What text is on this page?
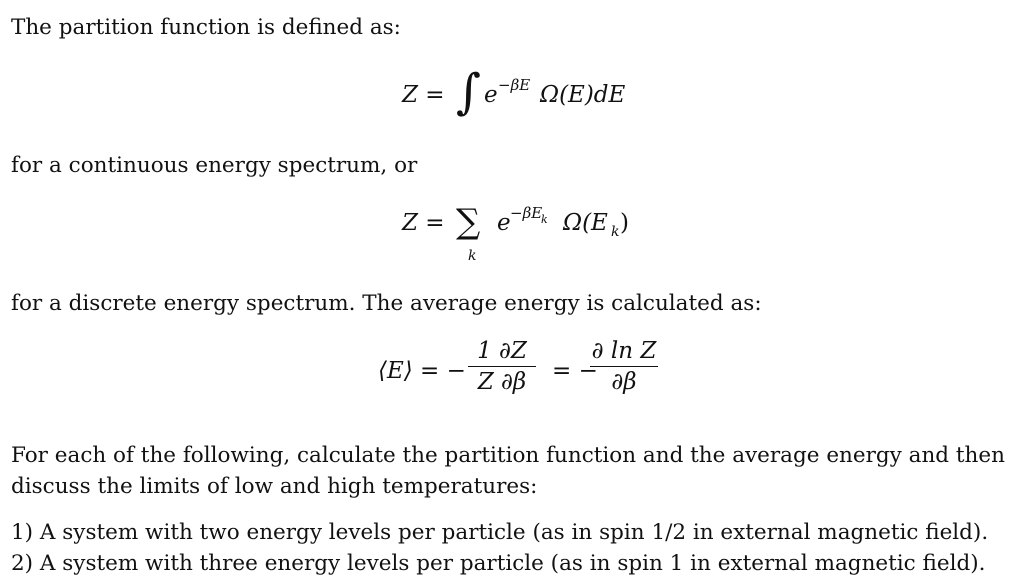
The partition function is defined as:
Z = ∫ e −βE Ω(E)dE
for a continuous energy spectrum, or
Z = ∑
k
e −βE
k Ω(E k )
for a discrete energy spectrum. The average energy is calculated as:
⟨E⟩ = −
1 ∂Z
Z ∂β	= −
∂ ln Z
∂β
For each of the following, calculate the partition function and the average energy and then
discuss the limits of low and high temperatures:
1) A system with two energy levels per particle (as in spin 1/2 in external magnetic field).
2) A system with three energy levels per particle (as in spin 1 in external magnetic field).
